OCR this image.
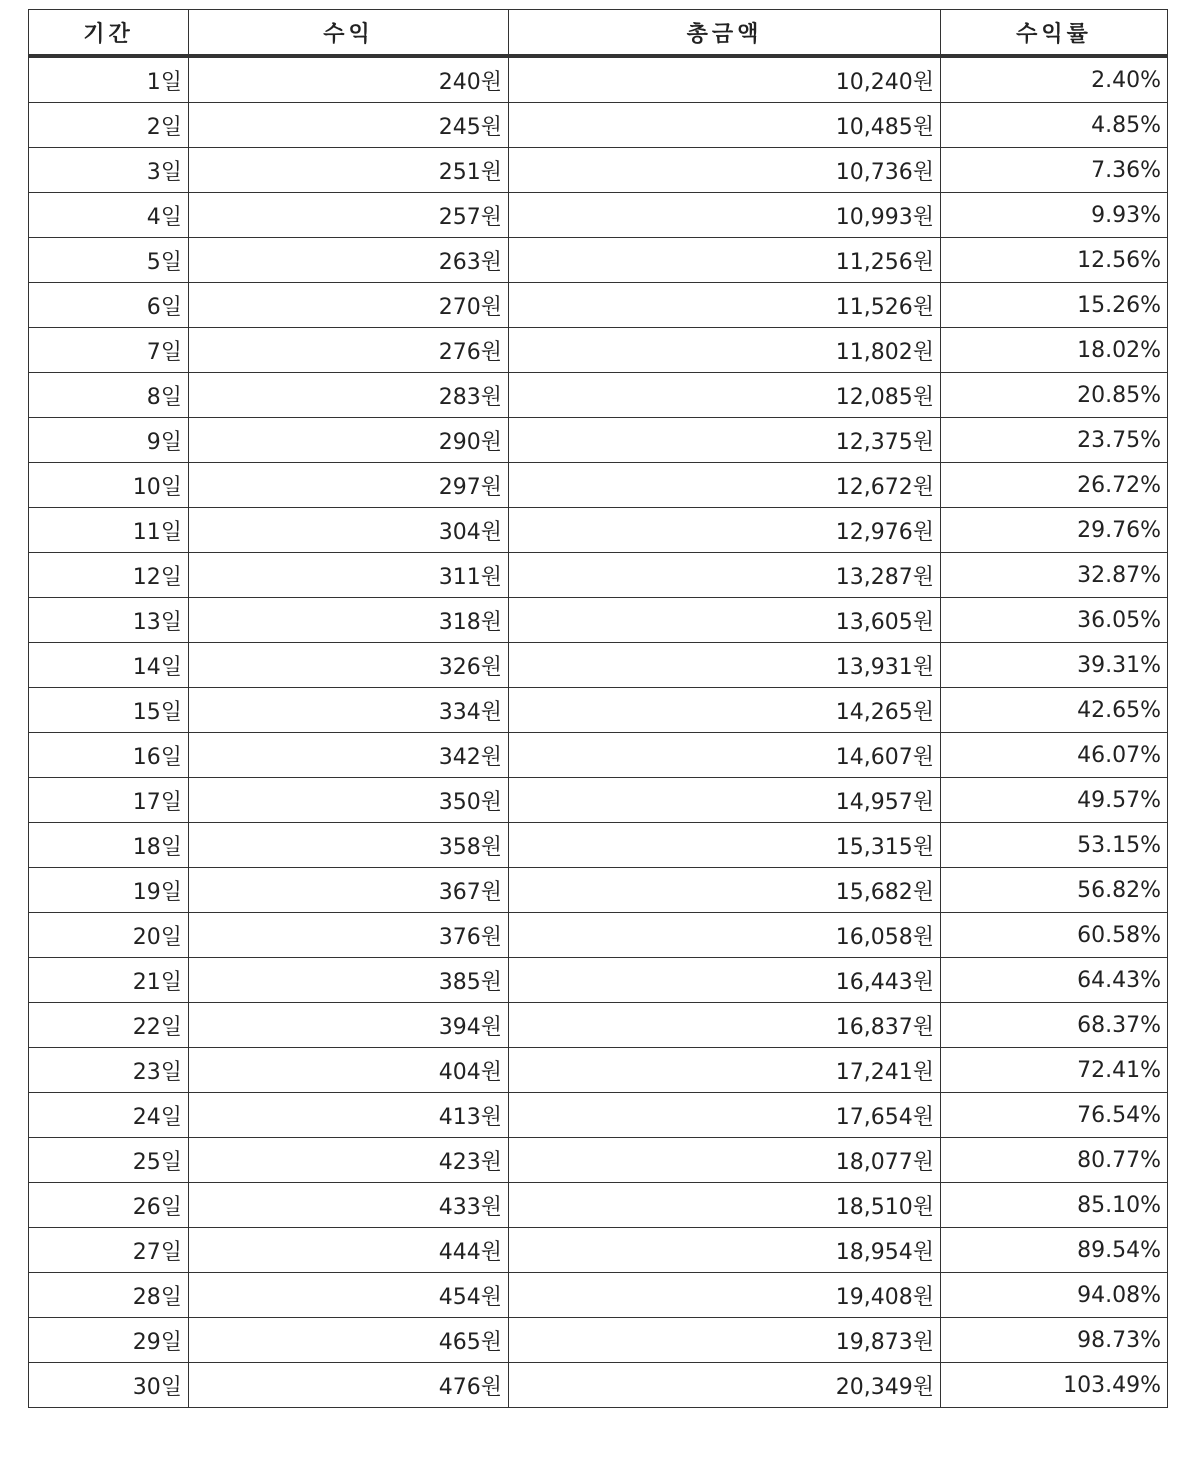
기간	수익	총금액	수익률
1일	240원	10,240원	2.40%
2일	245원	10,485원	4.85%
3일	251원	10,736원	7.36%
4일	257원	10,993원	9.93%
5일	263원	11,256원	12.56%
6일	270원	11,526원	15.26%
7일	276원	11,802원	18.02%
8일	283원	12,085원	20.85%
9일	290원	12,375원	23.75%
10일	297원	12,672원	26.72%
11일	304원	12,976원	29.76%
12일	311원	13,287원	32.87%
13일	318원	13,605원	36.05%
14일	326원	13,931원	39.31%
15일	334원	14,265원	42.65%
16일	342원	14,607원	46.07%
17일	350원	14,957원	49.57%
18일	358원	15,315원	53.15%
19일	367원	15,682원	56.82%
20일	376원	16,058원	60.58%
21일	385원	16,443원	64.43%
22일	394원	16,837원	68.37%
23일	404원	17,241원	72.41%
24일	413원	17,654원	76.54%
25일	423원	18,077원	80.77%
26일	433원	18,510원	85.10%
27일	444원	18,954원	89.54%
28일	454원	19,408원	94.08%
29일	465원	19,873원	98.73%
30일	476원	20,349원	103.49%
